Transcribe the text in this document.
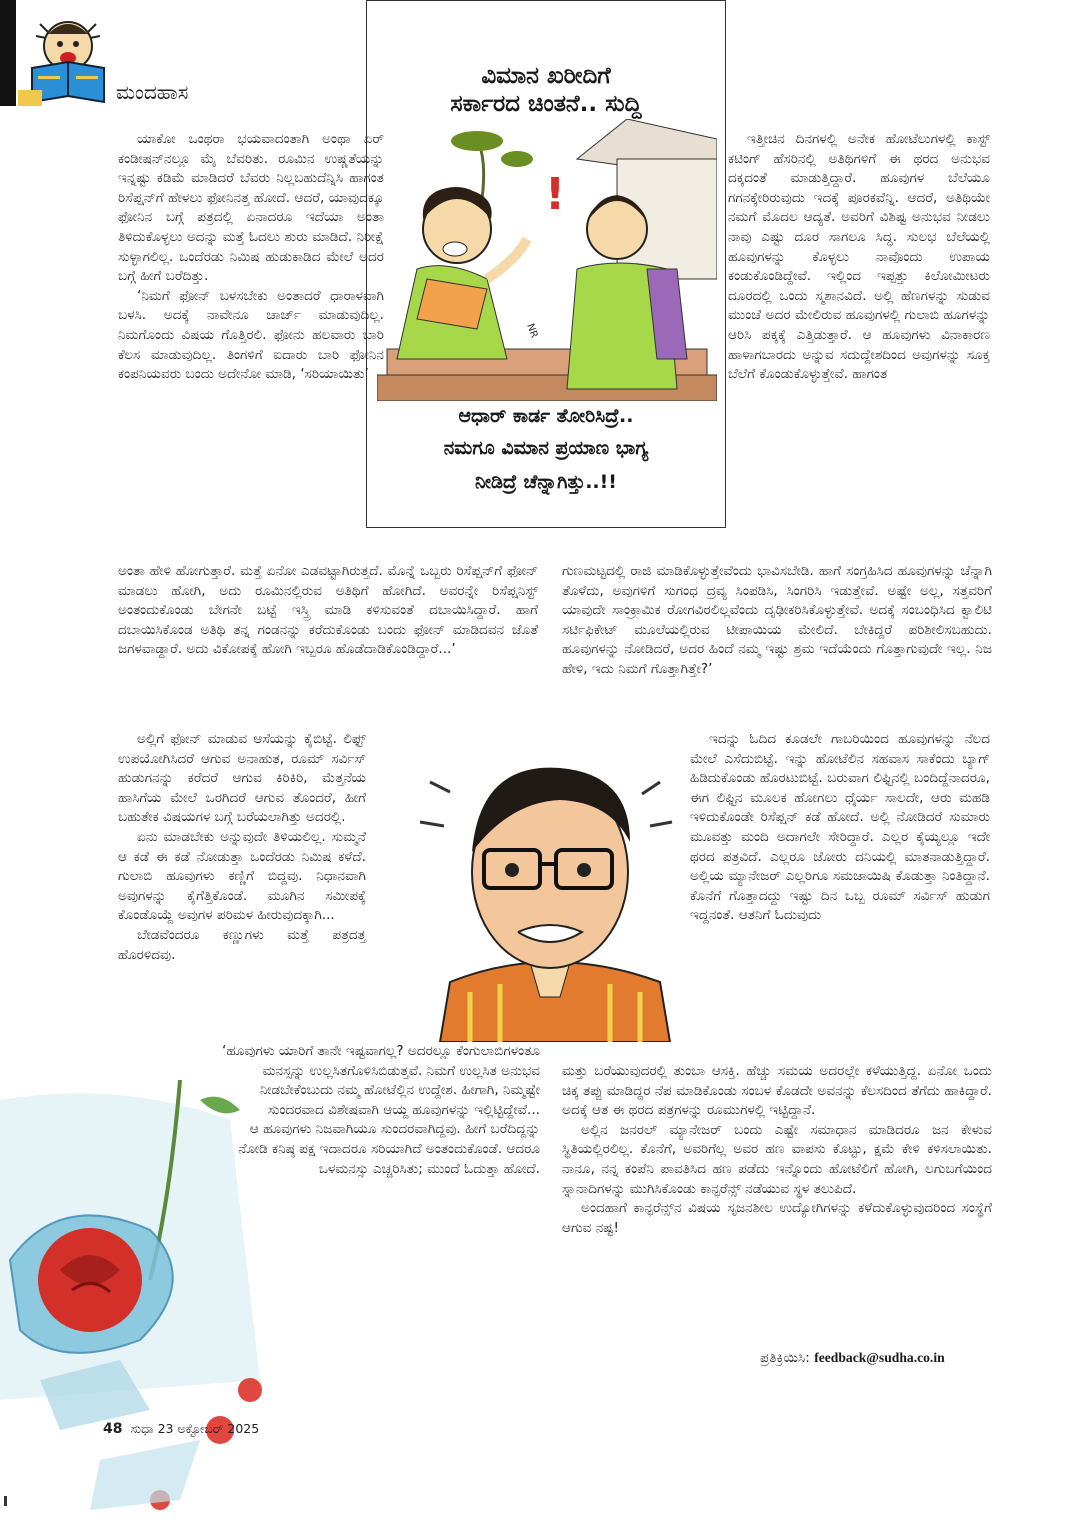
ಮಂದಹಾಸ
ವಿಮಾನ ಖರೀದಿಗೆ
ಸರ್ಕಾರದ ಚಿಂತನೆ.. ಸುದ್ದಿ
!
NR
ಆಧಾರ್ ಕಾರ್ಡ ತೋರಿಸಿದ್ರೆ..
ನಮಗೂ ವಿಮಾನ ಪ್ರಯಾಣ ಭಾಗ್ಯ
ನೀಡಿದ್ರೆ ಚೆನ್ನಾಗಿತ್ತು..!!

ಯಾಕೋ ಒಂಥರಾ ಭಯವಾದಂತಾಗಿ ಅಂಥಾ ಏರ್ ಕಂಡೀಷನ್‌ನಲ್ಲೂ ಮೈ ಬೆವರಿತು. ರೂಮಿನ ಉಷ್ಣತೆಯನ್ನು ಇನ್ನಷ್ಟು ಕಡಿಮೆ ಮಾಡಿದರೆ ಬೆವರು ನಿಲ್ಲಬಹುದೆನ್ನಿಸಿ ಹಾಗಂತ ರಿಸೆಪ್ಷನ್‌ಗೆ ಹೇಳಲು ಫೋನಿನತ್ತ ಹೋದೆ. ಆದರೆ, ಯಾವುದಕ್ಕೂ ಫೋನಿನ ಬಗ್ಗೆ ಪತ್ರದಲ್ಲಿ ಏನಾದರೂ ಇದೆಯಾ ಅಂತಾ ತಿಳಿದುಕೊಳ್ಳಲು ಅದನ್ನು ಮತ್ತೆ ಓದಲು ಶುರು ಮಾಡಿದೆ. ನಿರೀಕ್ಷೆ ಸುಳ್ಳಾಗಲಿಲ್ಲ. ಒಂದೆರಡು ನಿಮಿಷ ಹುಡುಕಾಡಿದ ಮೇಲೆ ಅದರ ಬಗ್ಗೆ ಹೀಗೆ ಬರೆದಿತ್ತು.

‘ನಿಮಗೆ ಫೋನ್ ಬಳಸಬೇಕು ಅಂತಾದರೆ ಧಾರಾಳವಾಗಿ ಬಳಸಿ. ಅದಕ್ಕೆ ನಾವೇನೂ ಚಾರ್ಜ್ ಮಾಡುವುದಿಲ್ಲ. ನಿಮಗೊಂದು ವಿಷಯ ಗೊತ್ತಿರಲಿ. ಫೋನು ಹಲವಾರು ಬಾರಿ ಕೆಲಸ ಮಾಡುವುದಿಲ್ಲ. ತಿಂಗಳಿಗೆ ಐದಾರು ಬಾರಿ ಫೋನಿನ ಕಂಪನಿಯವರು ಬಂದು ಅದೇನೋ ಮಾಡಿ, ‘ಸರಿಯಾಯಿತು’

ಇತ್ತೀಚಿನ ದಿನಗಳಲ್ಲಿ ಅನೇಕ ಹೋಟೆಲುಗಳಲ್ಲಿ ಕಾಸ್ಟ್ ಕಟಿಂಗ್ ಹೆಸರಿನಲ್ಲಿ ಅತಿಥಿಗಳಿಗೆ ಈ ಥರದ ಅನುಭವ ದಕ್ಕದಂತೆ ಮಾಡುತ್ತಿದ್ದಾರೆ. ಹೂವುಗಳ ಬೆಲೆಯೂ ಗಗನಕ್ಕೇರಿರುವುದು ಇದಕ್ಕೆ ಪೂರಕವೆನ್ನಿ. ಆದರೆ, ಅತಿಥಿಯೇ ನಮಗೆ ಮೊದಲ ಆದ್ಯತೆ. ಅವರಿಗೆ ವಿಶಿಷ್ಟ ಅನುಭವ ನೀಡಲು ನಾವು ಎಷ್ಟು ದೂರ ಸಾಗಲೂ ಸಿದ್ಧ. ಸುಲಭ ಬೆಲೆಯಲ್ಲಿ ಹೂವುಗಳನ್ನು ಕೊಳ್ಳಲು ನಾವೊಂದು ಉಪಾಯ ಕಂಡುಕೊಂಡಿದ್ದೇವೆ. ಇಲ್ಲಿಂದ ಇಪ್ಪತ್ತು ಕಿಲೋಮೀಟರು ದೂರದಲ್ಲಿ ಒಂದು ಸ್ಮಶಾನವಿದೆ. ಅಲ್ಲಿ ಹೆಣಗಳನ್ನು ಸುಡುವ ಮುಂಚೆ ಅದರ ಮೇಲಿರುವ ಹೂವುಗಳಲ್ಲಿ ಗುಲಾಬಿ ಹೂಗಳನ್ನು ಆರಿಸಿ ಪಕ್ಕಕ್ಕೆ ಎತ್ತಿಡುತ್ತಾರೆ. ಆ ಹೂವುಗಳು ವಿನಾಕಾರಣ ಹಾಳಾಗಬಾರದು ಅನ್ನುವ ಸದುದ್ದೇಶದಿಂದ ಅವುಗಳನ್ನು ಸೂಕ್ತ ಬೆಲೆಗೆ ಕೊಂಡುಕೊಳ್ಳುತ್ತೇವೆ. ಹಾಗಂತ

ಅಂತಾ ಹೇಳಿ ಹೋಗುತ್ತಾರೆ. ಮತ್ತೆ ಏನೋ ಎಡವಟ್ಟಾಗಿರುತ್ತದೆ. ಮೊನ್ನೆ ಒಬ್ಬರು ರಿಸೆಪ್ಷನ್‌ಗೆ ಫೋನ್ ಮಾಡಲು ಹೋಗಿ, ಅದು ರೂಮಿನಲ್ಲಿರುವ ಅತಿಥಿಗೆ ಹೋಗಿದೆ. ಅವರನ್ನೇ ರಿಸೆಪ್ಷನಿಸ್ಟ್ ಅಂತಂದುಕೊಂಡು ಬೇಗನೇ ಬಟ್ಟೆ ಇಸ್ತ್ರಿ ಮಾಡಿ ಕಳಿಸುವಂತೆ ದಬಾಯಿಸಿದ್ದಾರೆ. ಹಾಗೆ ದಬಾಯಿಸಿಕೊಂಡ ಅತಿಥಿ ತನ್ನ ಗಂಡನನ್ನು ಕರೆದುಕೊಂಡು ಬಂದು ಫೋನ್ ಮಾಡಿದವನ ಜೊತೆ ಜಗಳವಾಡ್ದಾರೆ. ಅದು ವಿಕೋಪಕ್ಕೆ ಹೋಗಿ ಇಬ್ಬರೂ ಹೊಡೆದಾಡಿಕೊಂಡಿದ್ದಾರೆ...’

ಗುಣಮಟ್ಟದಲ್ಲಿ ರಾಜಿ ಮಾಡಿಕೊಳ್ಳುತ್ತೇವೆಂದು ಭಾವಿಸಬೇಡಿ. ಹಾಗೆ ಸಂಗ್ರಹಿಸಿದ ಹೂವುಗಳನ್ನು ಚೆನ್ನಾಗಿ ತೊಳೆದು, ಅವುಗಳಿಗೆ ಸುಗಂಧ ದ್ರವ್ಯ ಸಿಂಪಡಿಸಿ, ಸಿಂಗರಿಸಿ ಇಡುತ್ತೇವೆ. ಅಷ್ಟೇ ಅಲ್ಲ, ಸತ್ತವರಿಗೆ ಯಾವುದೇ ಸಾಂಕ್ರಾಮಿಕ ರೋಗವಿರಲಿಲ್ಲವೆಂದು ದೃಢೀಕರಿಸಿಕೊಳ್ಳುತ್ತೇವೆ. ಅದಕ್ಕೆ ಸಂಬಂಧಿಸಿದ ಕ್ವಾಲಿಟಿ ಸರ್ಟಿಫಿಕೇಟ್ ಮೂಲೆಯಲ್ಲಿರುವ ಟೀಪಾಯಿಯ ಮೇಲಿದೆ. ಬೇಕಿದ್ದರೆ ಪರಿಶೀಲಿಸಬಹುದು. ಹೂವುಗಳನ್ನು ನೋಡಿದರೆ, ಅದರ ಹಿಂದೆ ನಮ್ಮ ಇಷ್ಟು ಶ್ರಮ ಇದೆಯೆಂದು ಗೊತ್ತಾಗುವುದೇ ಇಲ್ಲ. ನಿಜ ಹೇಳಿ, ಇದು ನಿಮಗೆ ಗೊತ್ತಾಗಿತ್ತೇ?’

ಅಲ್ಲಿಗೆ ಫೋನ್ ಮಾಡುವ ಆಸೆಯನ್ನು ಕೈಬಿಟ್ಟೆ. ಲಿಫ್ಟ್ ಉಪಯೋಗಿಸಿದರೆ ಆಗುವ ಅನಾಹುತ, ರೂಮ್ ಸರ್ವಿಸ್ ಹುಡುಗನನ್ನು ಕರೆದರೆ ಆಗುವ ಕಿರಿಕಿರಿ, ಮೆತ್ತನೆಯ ಹಾಸಿಗೆಯ ಮೇಲೆ ಒರಗಿದರೆ ಆಗುವ ತೊಂದರೆ, ಹೀಗೆ ಬಹುತೇಕ ವಿಷಯಗಳ ಬಗ್ಗೆ ಬರೆಯಲಾಗಿತ್ತು ಅದರಲ್ಲಿ.

ಏನು ಮಾಡಬೇಕು ಅನ್ನುವುದೇ ತಿಳಿಯಲಿಲ್ಲ. ಸುಮ್ಮನೆ ಆ ಕಡೆ ಈ ಕಡೆ ನೋಡುತ್ತಾ ಒಂದೆರಡು ನಿಮಿಷ ಕಳೆದೆ. ಗುಲಾಬಿ ಹೂವುಗಳು ಕಣ್ಣಿಗೆ ಬಿದ್ದವು. ನಿಧಾನವಾಗಿ ಅವುಗಳನ್ನು ಕೈಗೆತ್ತಿಕೊಂಡೆ. ಮೂಗಿನ ಸಮೀಪಕ್ಕೆ ಕೊಂಡೊಯ್ದೆ ಅವುಗಳ ಪರಿಮಳ ಹೀರುವುದಕ್ಕಾಗಿ...

ಬೇಡವೆಂದರೂ ಕಣ್ಣುಗಳು ಮತ್ತೆ ಪತ್ರದತ್ತ ಹೊರಳಿದವು.

ಇದನ್ನು ಓದಿದ ಕೂಡಲೇ ಗಾಬರಿಯಿಂದ ಹೂವುಗಳನ್ನು ನೆಲದ ಮೇಲೆ ಎಸೆದುಬಿಟ್ಟೆ. ಇನ್ನು ಹೋಟೆಲಿನ ಸಹವಾಸ ಸಾಕೆಂದು ಬ್ಯಾಗ್ ಹಿಡಿದುಕೊಂಡು ಹೊರಟುಬಿಟ್ಟೆ. ಬರುವಾಗ ಲಿಫ್ಟಿನಲ್ಲಿ ಬಂದಿದ್ದೆನಾದರೂ, ಈಗ ಲಿಫ್ಟಿನ ಮೂಲಕ ಹೋಗಲು ಧೈರ್ಯ ಸಾಲದೇ, ಆರು ಮಹಡಿ ಇಳಿದುಕೊಂಡೇ ರಿಸೆಪ್ಷನ್ ಕಡೆ ಹೋದೆ. ಅಲ್ಲಿ ನೋಡಿದರೆ ಸುಮಾರು ಮೂವತ್ತು ಮಂದಿ ಅದಾಗಲೇ ಸೇರಿದ್ದಾರೆ. ಎಲ್ಲರ ಕೈಯ್ಯಲ್ಲೂ ಇದೇ ಥರದ ಪತ್ರವಿದೆ. ಎಲ್ಲರೂ ಜೋರು ದನಿಯಲ್ಲಿ ಮಾತನಾಡುತ್ತಿದ್ದಾರೆ. ಅಲ್ಲಿಯ ಮ್ಯಾನೇಜರ್ ಎಲ್ಲರಿಗೂ ಸಮಜಾಯಿಷಿ ಕೊಡುತ್ತಾ ನಿಂತಿದ್ದಾನೆ. ಕೊನೆಗೆ ಗೊತ್ತಾದದ್ದು ಇಷ್ಟು ದಿನ ಒಬ್ಬ ರೂಮ್ ಸರ್ವಿಸ್ ಹುಡುಗ ಇದ್ದನಂತೆ. ಆತನಿಗೆ ಓದುವುದು

‘ಹೂವುಗಳು ಯಾರಿಗೆ ತಾನೇ ಇಷ್ಟವಾಗಲ್ಲ? ಅದರಲ್ಲೂ ಕೆಂಗುಲಾಬಿಗಳಂತೂ ಮನಸ್ಸನ್ನು ಉಲ್ಲಸಿತಗೊಳಿಸಿಬಿಡುತ್ತವೆ. ನಿಮಗೆ ಉಲ್ಲಸಿತ ಅನುಭವ ನೀಡಬೇಕೆಂಬುದು ನಮ್ಮ ಹೋಟೆಲ್ಲಿನ ಉದ್ದೇಶ. ಹೀಗಾಗಿ, ನಿಮ್ಮಷ್ಟೇ ಸುಂದರವಾದ ವಿಶೇಷವಾಗಿ ಆಯ್ದ ಹೂವುಗಳನ್ನು ಇಲ್ಲಿಟ್ಟಿದ್ದೇವೆ...

ಆ ಹೂವುಗಳು ನಿಜವಾಗಿಯೂ ಸುಂದರವಾಗಿದ್ದವು. ಹೀಗೆ ಬರೆದಿದ್ದನ್ನು ನೋಡಿ ಕನಿಷ್ಠ ಪಕ್ಷ ಇದಾದರೂ ಸರಿಯಾಗಿದೆ ಅಂತಂದುಕೊಂಡೆ. ಆದರೂ ಒಳಮನಸ್ಸು ಎಚ್ಚರಿಸಿತು; ಮುಂದೆ ಓದುತ್ತಾ ಹೋದೆ.

ಮತ್ತು ಬರೆಯುವುದರಲ್ಲಿ ತುಂಬಾ ಆಸಕ್ತಿ. ಹೆಚ್ಚು ಸಮಯ ಅದರಲ್ಲೇ ಕಳೆಯುತ್ತಿದ್ದ. ಏನೋ ಒಂದು ಚಿಕ್ಕ ತಪ್ಪು ಮಾಡಿದ್ದರ ನೆಪ ಮಾಡಿಕೊಂಡು ಸಂಬಳ ಕೊಡದೇ ಅವನನ್ನು ಕೆಲಸದಿಂದ ತೆಗೆದು ಹಾಕಿದ್ದಾರೆ. ಅದಕ್ಕೆ ಆತ ಈ ಥರದ ಪತ್ರಗಳನ್ನು ರೂಮುಗಳಲ್ಲಿ ಇಟ್ಟಿದ್ದಾನೆ.

ಅಲ್ಲಿನ ಜನರಲ್ ಮ್ಯಾನೇಜರ್ ಬಂದು ಎಷ್ಟೇ ಸಮಾಧಾನ ಮಾಡಿದರೂ ಜನ ಕೇಳುವ ಸ್ಥಿತಿಯಲ್ಲಿರಲಿಲ್ಲ. ಕೊನೆಗೆ, ಅವರಿಗೆಲ್ಲ ಅವರ ಹಣ ವಾಪಸು ಕೊಟ್ಟು, ಕ್ಷಮೆ ಕೇಳಿ ಕಳಿಸಲಾಯಿತು. ನಾನೂ, ನನ್ನ ಕಂಪೆನಿ ಪಾವತಿಸಿದ ಹಣ ಪಡೆದು ಇನ್ನೊಂದು ಹೋಟೆಲಿಗೆ ಹೋಗಿ, ಲಗುಬಗೆಯಿಂದ ಸ್ನಾನಾದಿಗಳನ್ನು ಮುಗಿಸಿಕೊಂಡು ಕಾನ್ಫರೆನ್ಸ್ ನಡೆಯುವ ಸ್ಥಳ ತಲುಪಿದೆ.

ಅಂದಹಾಗೆ ಕಾನ್ಫರೆನ್ಸ್‌ನ ವಿಷಯ ಸೃಜನಶೀಲ ಉದ್ಯೋಗಿಗಳನ್ನು ಕಳೆದುಕೊಳ್ಳುವುದರಿಂದ ಸಂಸ್ಥೆಗೆ ಆಗುವ ನಷ್ಟ!

ಪ್ರತಿಕ್ರಿಯಿಸಿ: feedback@sudha.co.in
48 ಸುಧಾ 23 ಅಕ್ಟೋಬರ್ 2025
